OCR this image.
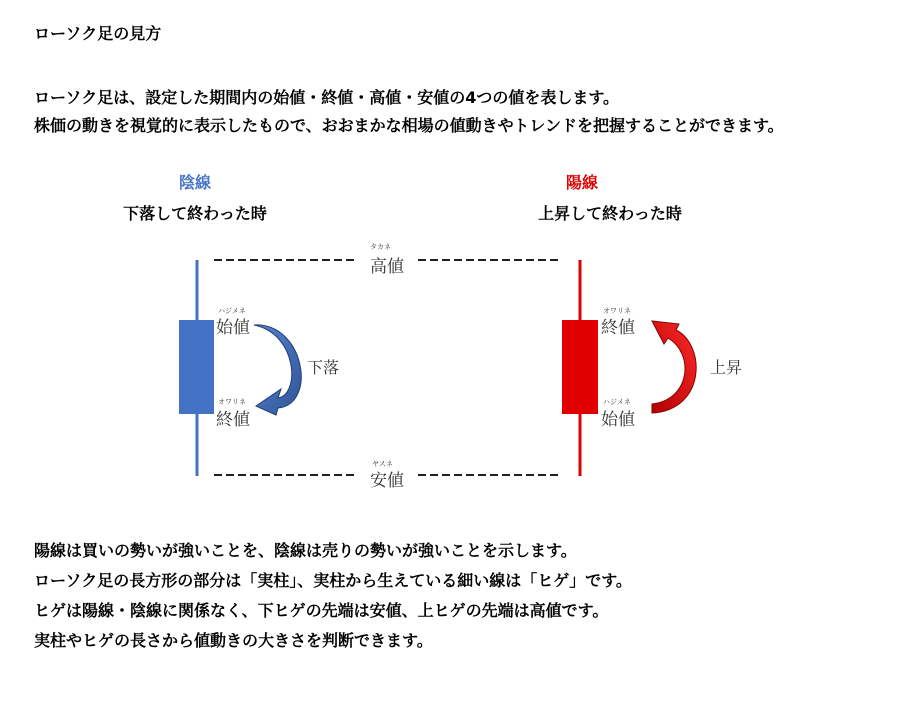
ローソク足の見方
ローソク足は、設定した期間内の始値・終値・高値・安値の4つの値を表します。
株価の動きを視覚的に表示したもので、おおまかな相場の値動きやトレンドを把握することができます。
陰線
下落して終わった時
陽線
上昇して終わった時
タカネ
高値
ヤスネ
安値
ハジメネ
始値
オワリネ
終値
下落
オワリネ
終値
ハジメネ
始値
上昇
陽線は買いの勢いが強いことを、陰線は売りの勢いが強いことを示します。
ローソク足の長方形の部分は「実柱」、実柱から生えている細い線は「ヒゲ」です。
ヒゲは陽線・陰線に関係なく、下ヒゲの先端は安値、上ヒゲの先端は高値です。
実柱やヒゲの長さから値動きの大きさを判断できます。
